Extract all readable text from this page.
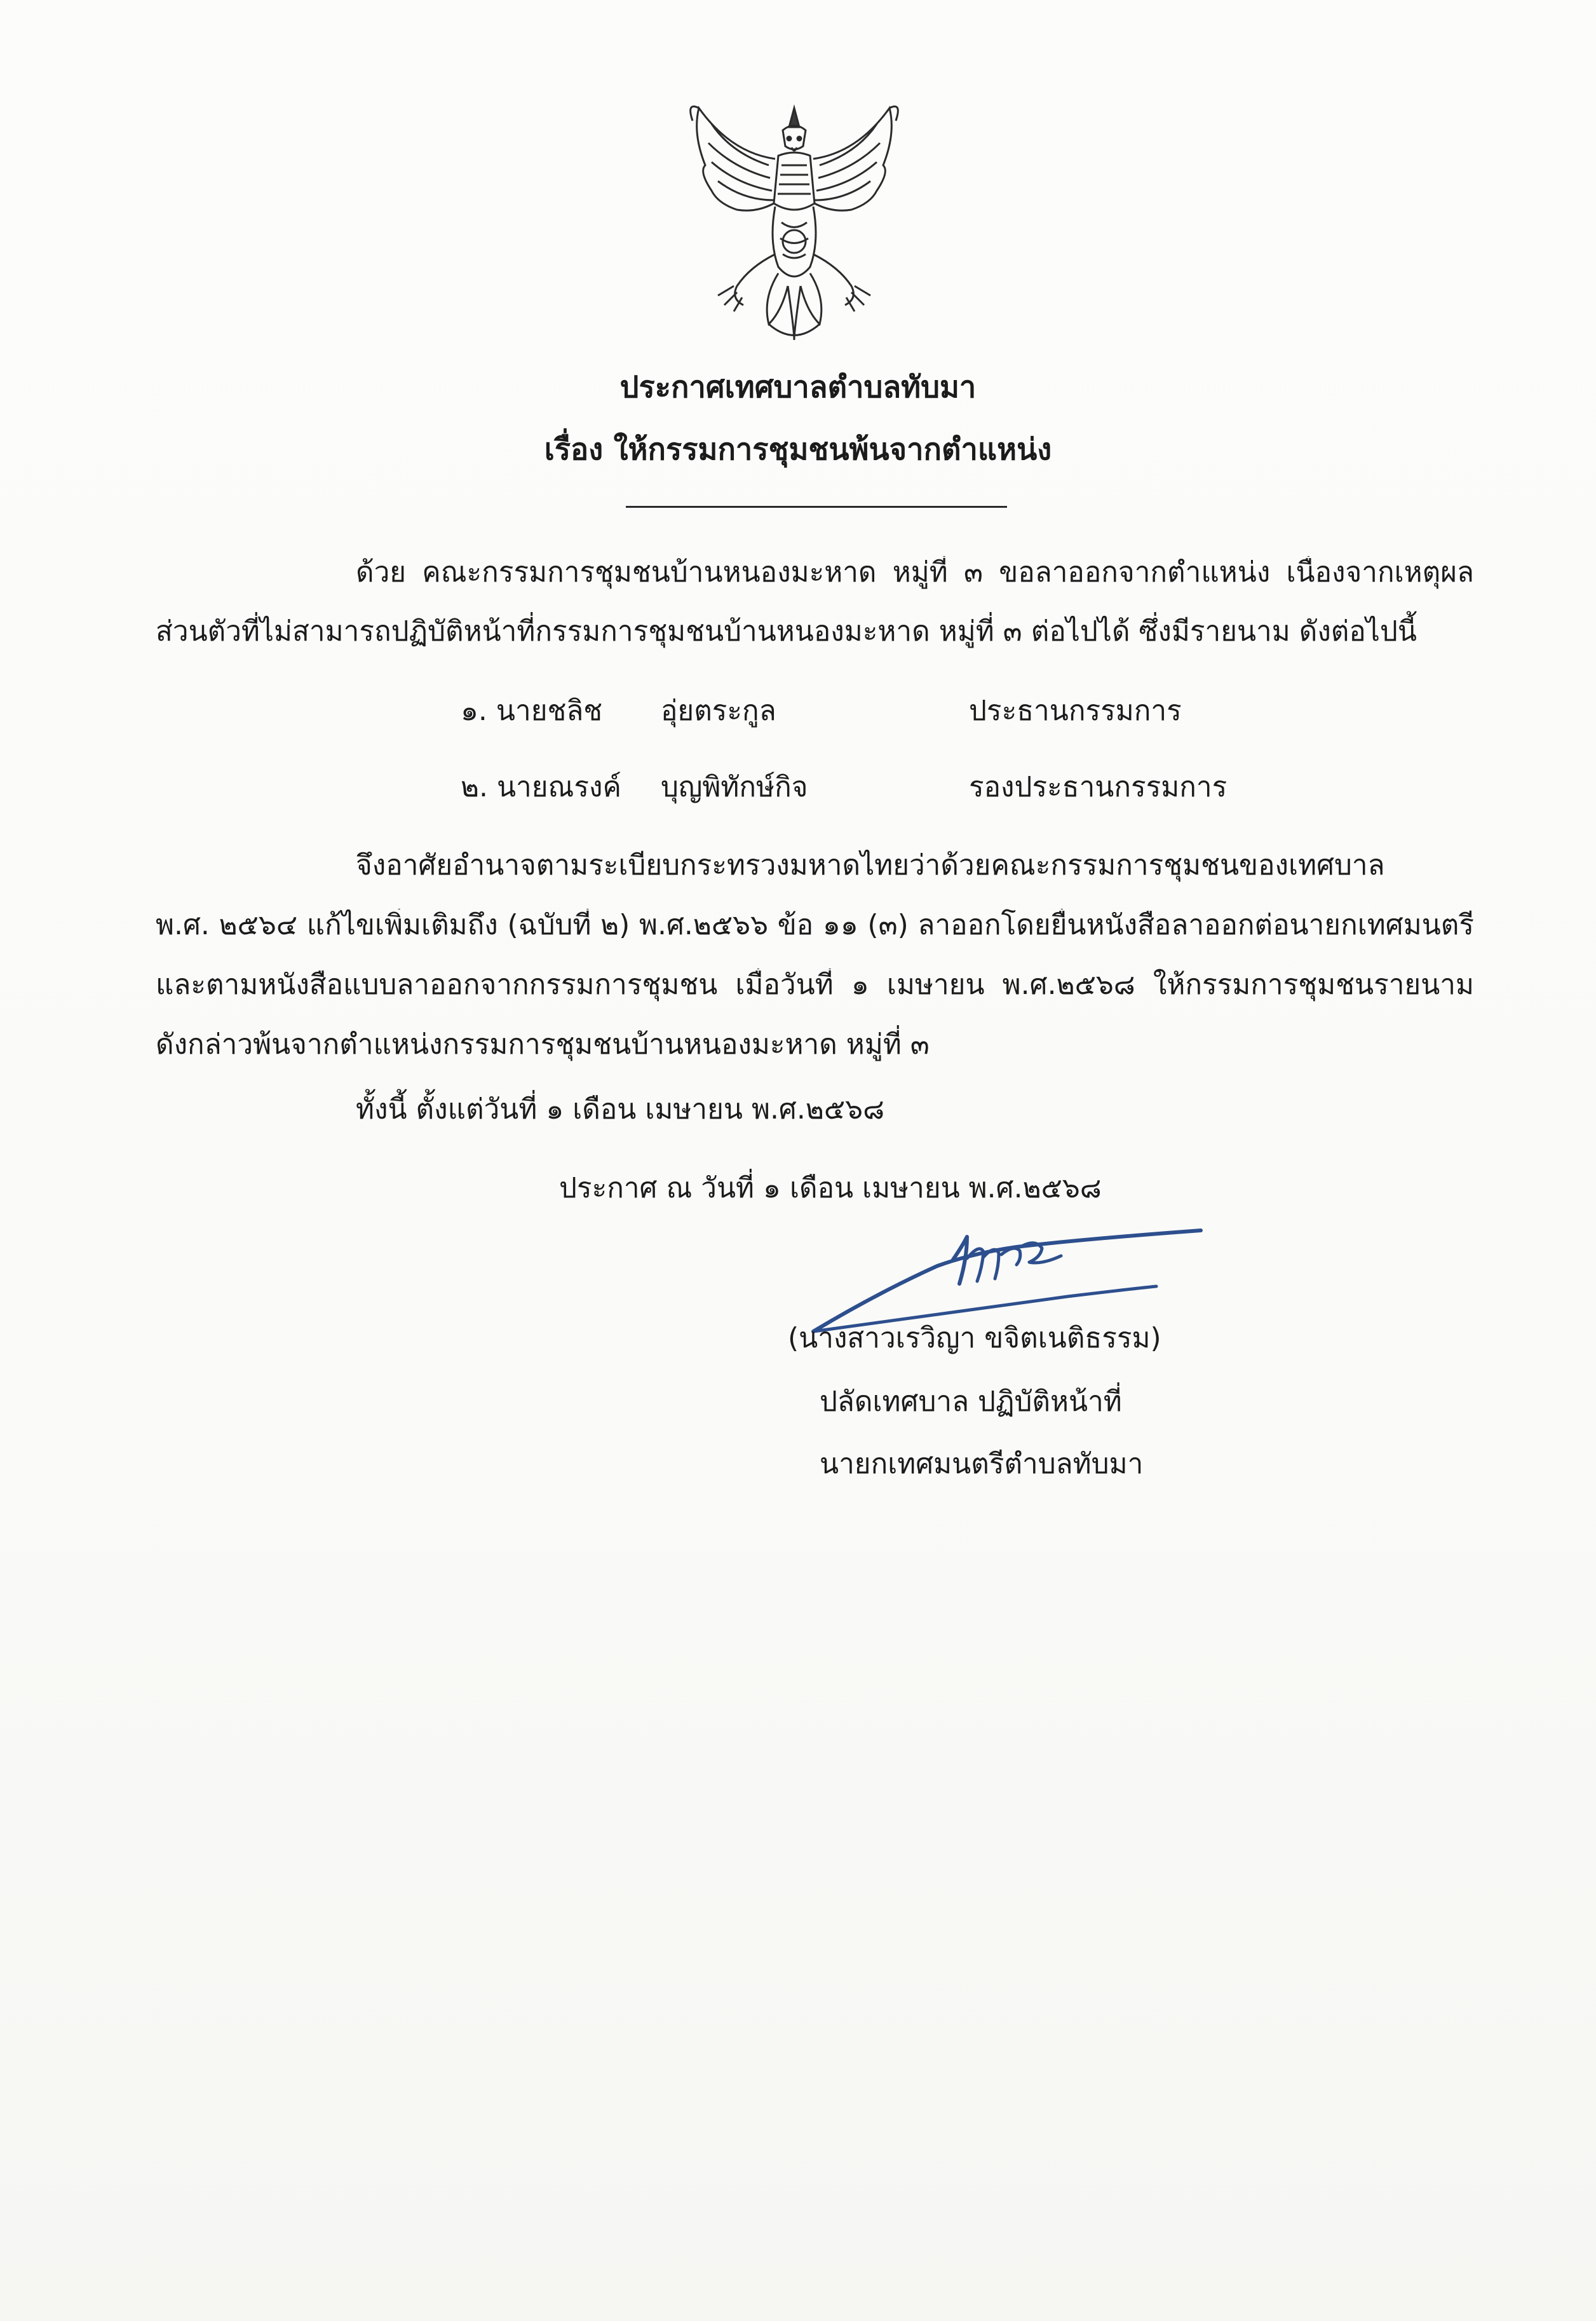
ประกาศเทศบาลตำบลทับมา
เรื่อง ให้กรรมการชุมชนพ้นจากตำแหน่ง
ด้วย คณะกรรมการชุมชนบ้านหนองมะหาด หมู่ที่ ๓ ขอลาออกจากตำแหน่ง เนื่องจากเหตุผล
ส่วนตัวที่ไม่สามารถปฏิบัติหน้าที่กรรมการชุมชนบ้านหนองมะหาด หมู่ที่ ๓ ต่อไปได้ ซึ่งมีรายนาม ดังต่อไปนี้
๑. นายชลิช อุ่ยตระกูล	ประธานกรรมการ
๒. นายณรงค์ บุญพิทักษ์กิจ	รองประธานกรรมการ
จึงอาศัยอำนาจตามระเบียบกระทรวงมหาดไทยว่าด้วยคณะกรรมการชุมชนของเทศบาล
พ.ศ. ๒๕๖๔ แก้ไขเพิ่มเติมถึง (ฉบับที่ ๒) พ.ศ.๒๕๖๖ ข้อ ๑๑ (๓) ลาออกโดยยื่นหนังสือลาออกต่อนายกเทศมนตรี
และตามหนังสือแบบลาออกจากกรรมการชุมชน เมื่อวันที่ ๑ เมษายน พ.ศ.๒๕๖๘ ให้กรรมการชุมชนรายนาม
ดังกล่าวพ้นจากตำแหน่งกรรมการชุมชนบ้านหนองมะหาด หมู่ที่ ๓
ทั้งนี้ ตั้งแต่วันที่ ๑ เดือน เมษายน พ.ศ.๒๕๖๘
ประกาศ ณ วันที่ ๑ เดือน เมษายน พ.ศ.๒๕๖๘
(นางสาวเรวิญา ขจิตเนติธรรม)
ปลัดเทศบาล ปฏิบัติหน้าที่
นายกเทศมนตรีตำบลทับมา
